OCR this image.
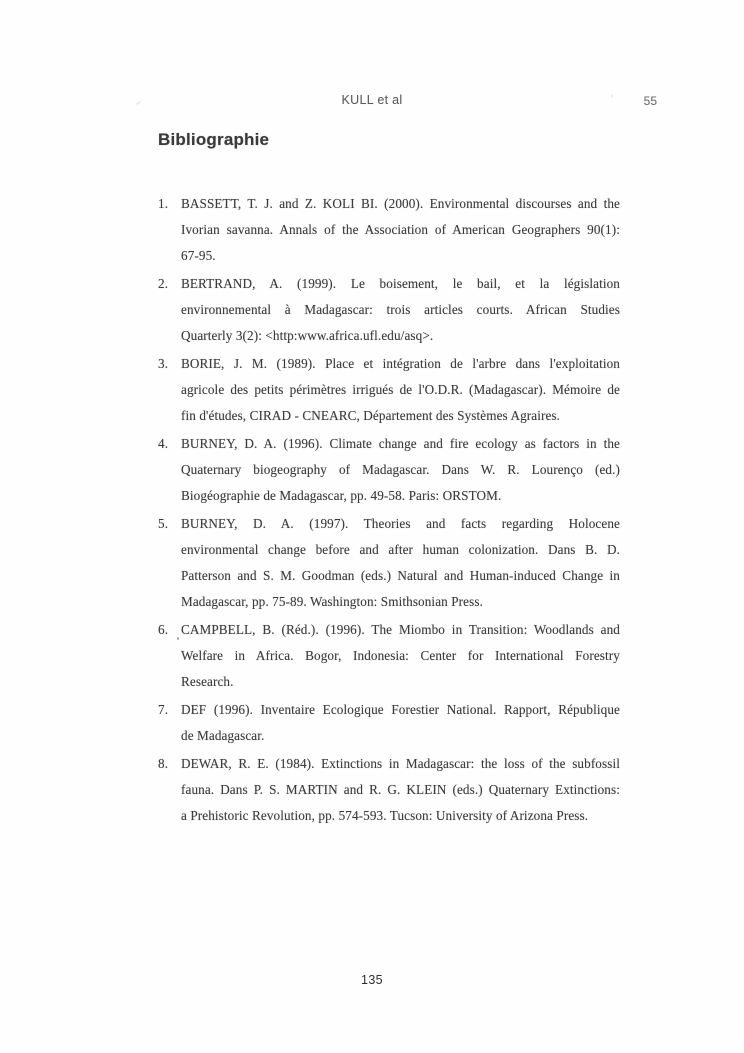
KULL et al	55
Bibliographie
1. BASSETT, T. J. and Z. KOLI BI. (2000). Environmental discourses and the
Ivorian savanna. Annals of the Association of American Geographers 90(1):
67-95.
2. BERTRAND, A. (1999). Le boisement, le bail, et la législation
environnemental à Madagascar: trois articles courts. African Studies
Quarterly 3(2): <http:www.africa.ufl.edu/asq>.
3. BORIE, J. M. (1989). Place et intégration de l'arbre dans l'exploitation
agricole des petits périmètres irrigués de l'O.D.R. (Madagascar). Mémoire de
fin d'études, CIRAD - CNEARC, Département des Systèmes Agraires.
4. BURNEY, D. A. (1996). Climate change and fire ecology as factors in the
Quaternary biogeography of Madagascar. Dans W. R. Lourenço (ed.)
Biogéographie de Madagascar, pp. 49-58. Paris: ORSTOM.
5. BURNEY, D. A. (1997). Theories and facts regarding Holocene
environmental change before and after human colonization. Dans B. D.
Patterson and S. M. Goodman (eds.) Natural and Human-induced Change in
Madagascar, pp. 75-89. Washington: Smithsonian Press.
6. CAMPBELL, B. (Réd.). (1996). The Miombo in Transition: Woodlands and
Welfare in Africa. Bogor, Indonesia: Center for International Forestry
Research.
7. DEF (1996). Inventaire Ecologique Forestier National. Rapport, République
de Madagascar.
8. DEWAR, R. E. (1984). Extinctions in Madagascar: the loss of the subfossil
fauna. Dans P. S. MARTIN and R. G. KLEIN (eds.) Quaternary Extinctions:
a Prehistoric Revolution, pp. 574-593. Tucson: University of Arizona Press.
135
